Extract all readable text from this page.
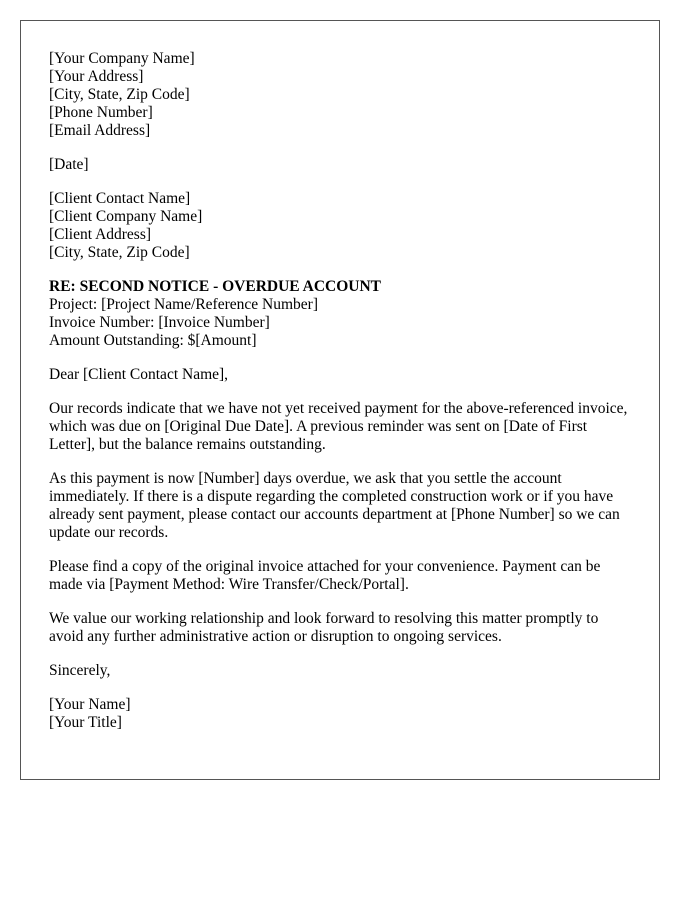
[Your Company Name]
[Your Address]
[City, State, Zip Code]
[Phone Number]
[Email Address]
[Date]
[Client Contact Name]
[Client Company Name]
[Client Address]
[City, State, Zip Code]
RE: SECOND NOTICE - OVERDUE ACCOUNT
Project: [Project Name/Reference Number]
Invoice Number: [Invoice Number]
Amount Outstanding: $[Amount]

Dear [Client Contact Name],

Our records indicate that we have not yet received payment for the above-referenced invoice, which was due on [Original Due Date]. A previous reminder was sent on [Date of First Letter], but the balance remains outstanding.

As this payment is now [Number] days overdue, we ask that you settle the account immediately. If there is a dispute regarding the completed construction work or if you have already sent payment, please contact our accounts department at [Phone Number] so we can update our records.

Please find a copy of the original invoice attached for your convenience. Payment can be made via [Payment Method: Wire Transfer/Check/Portal].

We value our working relationship and look forward to resolving this matter promptly to avoid any further administrative action or disruption to ongoing services.

Sincerely,

[Your Name]
[Your Title]
